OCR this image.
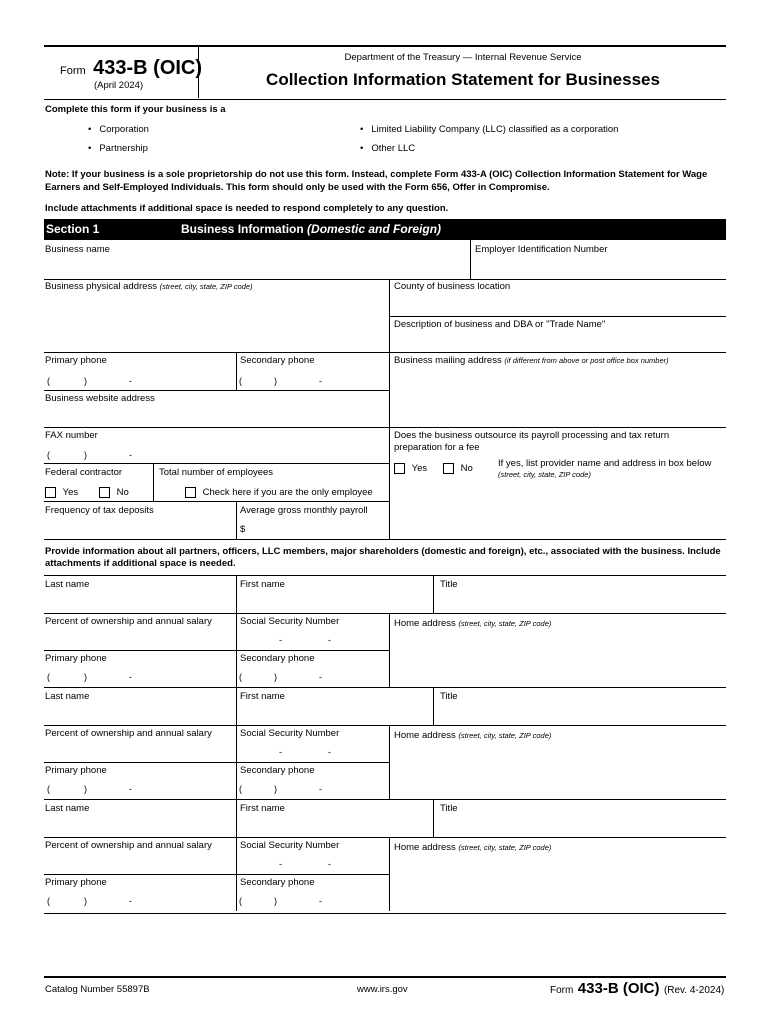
Form 433-B (OIC)
(April 2024)
Department of the Treasury — Internal Revenue Service
Collection Information Statement for Businesses
Complete this form if your business is a
• Corporation	• Limited Liability Company (LLC) classified as a corporation
• Partnership	• Other LLC
Note: If your business is a sole proprietorship do not use this form. Instead, complete Form 433-A (OIC) Collection Information Statement for Wage Earners and Self-Employed Individuals. This form should only be used with the Form 656, Offer in Compromise.
Include attachments if additional space is needed to respond completely to any question.
Section 1	Business Information (Domestic and Foreign)
Business name	Employer Identification Number
Business physical address (street, city, state, ZIP code)	County of business location
Description of business and DBA or "Trade Name"
Primary phone
(	)	-
Secondary phone
(	)	-
Business mailing address (if different from above or post office box number)
Business website address
FAX number
(	)	-
Does the business outsource its payroll processing and tax return preparation for a fee
Yes	No	If yes, list provider name and address in box below
(street, city, state, ZIP code)
Federal contractor
Yes	No
Total number of employees
Check here if you are the only employee
Frequency of tax deposits	Average gross monthly payroll
$
Provide information about all partners, officers, LLC members, major shareholders (domestic and foreign), etc., associated with the business. Include attachments if additional space is needed.
Last name	First name	Title
Percent of ownership and annual salary	Social Security Number
-	-
Home address (street, city, state, ZIP code)
Primary phone
(	)	-
Secondary phone
(	)	-
Last name	First name	Title
Percent of ownership and annual salary	Social Security Number
-	-
Home address (street, city, state, ZIP code)
Primary phone
(	)	-
Secondary phone
(	)	-
Last name	First name	Title
Percent of ownership and annual salary	Social Security Number
-	-
Home address (street, city, state, ZIP code)
Primary phone
(	)	-
Secondary phone
(	)	-
Catalog Number 55897B	www.irs.gov	Form 433-B (OIC) (Rev. 4-2024)
